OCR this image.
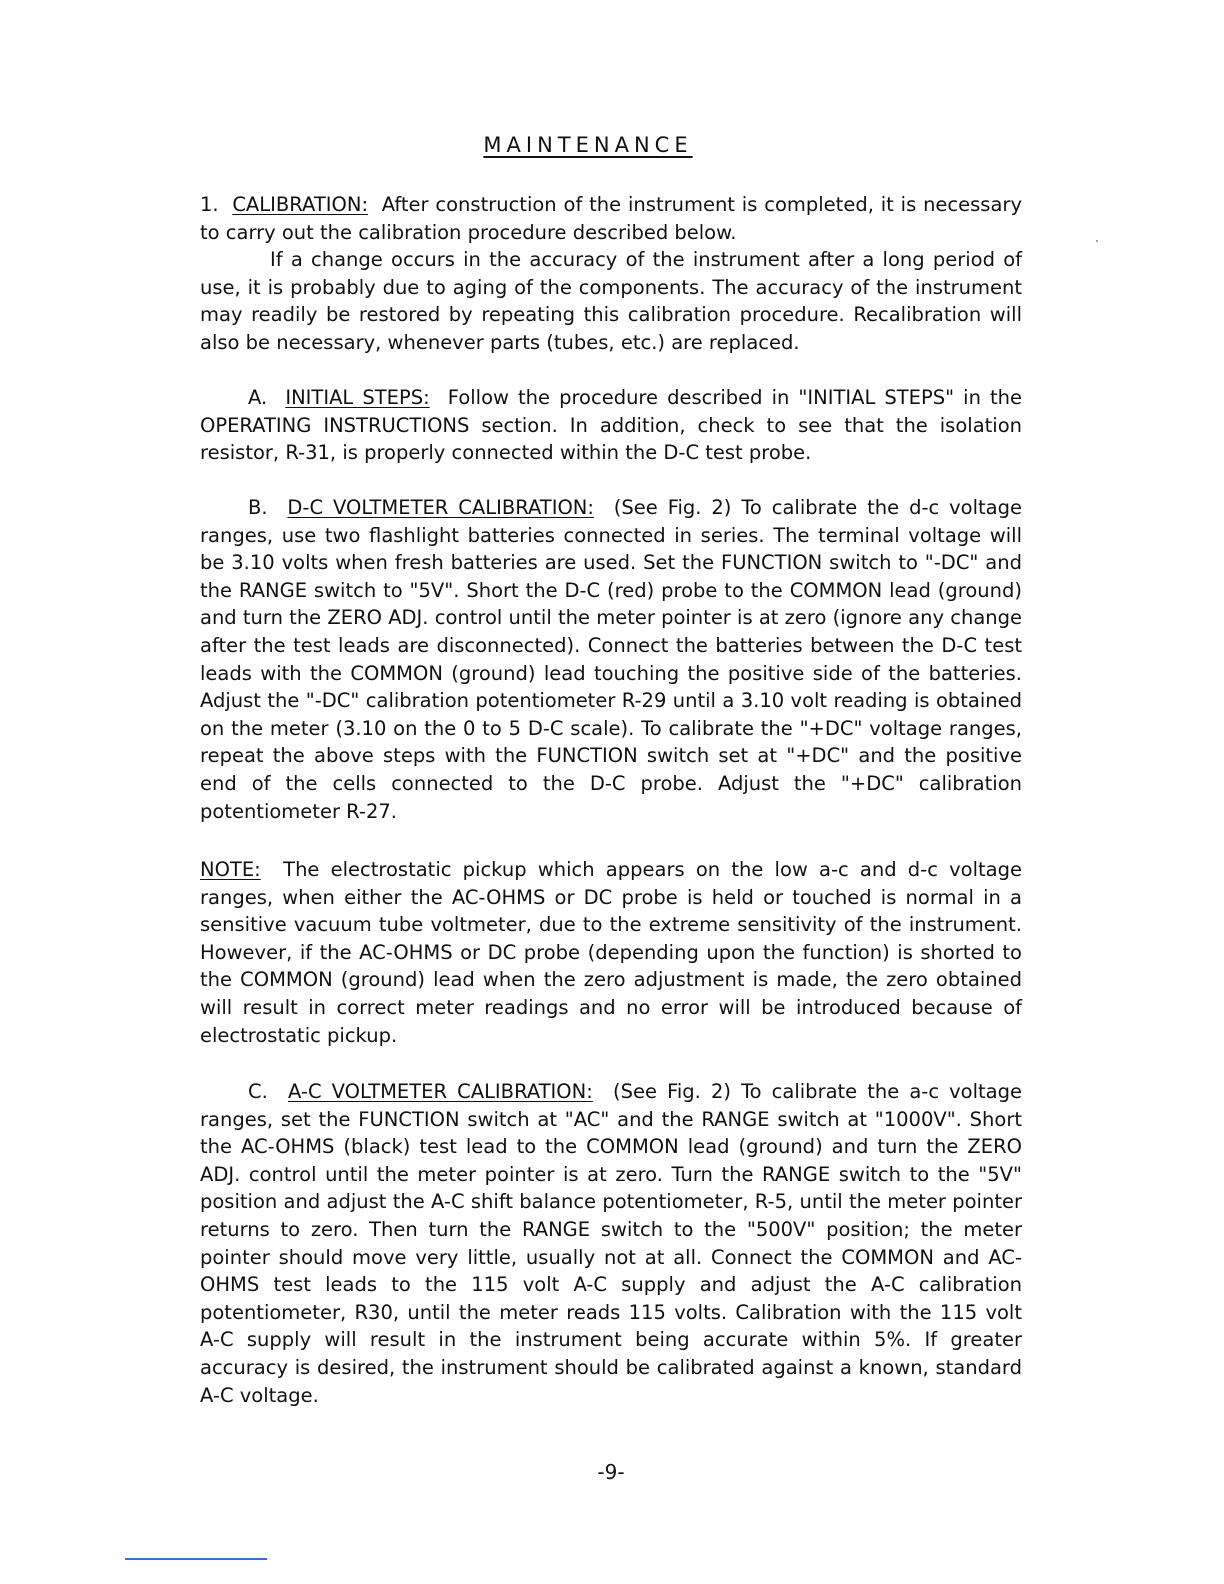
MAINTENANCE

1. CALIBRATION: After construction of the instrument is completed, it is necessary to carry out the calibration procedure described below.

If a change occurs in the accuracy of the instrument after a long period of use, it is probably due to aging of the components. The accuracy of the instrument may readily be restored by repeating this calibration procedure. Recalibration will also be necessary, whenever parts (tubes, etc.) are replaced.

A. INITIAL STEPS: Follow the procedure described in "INITIAL STEPS" in the OPERATING INSTRUCTIONS section. In addition, check to see that the isolation resistor, R-31, is properly connected within the D-C test probe.

B. D-C VOLTMETER CALIBRATION: (See Fig. 2) To calibrate the d-c voltage ranges, use two flashlight batteries connected in series. The terminal voltage will be 3.10 volts when fresh batteries are used. Set the FUNCTION switch to "-DC" and the RANGE switch to "5V". Short the D-C (red) probe to the COMMON lead (ground) and turn the ZERO ADJ. control until the meter pointer is at zero (ignore any change after the test leads are disconnected). Connect the batteries between the D-C test leads with the COMMON (ground) lead touching the positive side of the batteries. Adjust the "-DC" calibration potentiometer R-29 until a 3.10 volt reading is obtained on the meter (3.10 on the 0 to 5 D-C scale). To calibrate the "+DC" voltage ranges, repeat the above steps with the FUNCTION switch set at "+DC" and the positive end of the cells connected to the D-C probe. Adjust the "+DC" calibration potentiometer R-27.

NOTE: The electrostatic pickup which appears on the low a-c and d-c voltage ranges, when either the AC-OHMS or DC probe is held or touched is normal in a sensitive vacuum tube voltmeter, due to the extreme sensitivity of the instrument. However, if the AC-OHMS or DC probe (depending upon the function) is shorted to the COMMON (ground) lead when the zero adjustment is made, the zero obtained will result in correct meter readings and no error will be introduced because of electrostatic pickup.

C. A-C VOLTMETER CALIBRATION: (See Fig. 2) To calibrate the a-c voltage ranges, set the FUNCTION switch at "AC" and the RANGE switch at "1000V". Short the AC-OHMS (black) test lead to the COMMON lead (ground) and turn the ZERO ADJ. control until the meter pointer is at zero. Turn the RANGE switch to the "5V" position and adjust the A-C shift balance potentiometer, R-5, until the meter pointer returns to zero. Then turn the RANGE switch to the "500V" position; the meter pointer should move very little, usually not at all. Connect the COMMON and AC-OHMS test leads to the 115 volt A-C supply and adjust the A-C calibration potentiometer, R30, until the meter reads 115 volts. Calibration with the 115 volt A-C supply will result in the instrument being accurate within 5%. If greater accuracy is desired, the instrument should be calibrated against a known, standard A-C voltage.

-9-
